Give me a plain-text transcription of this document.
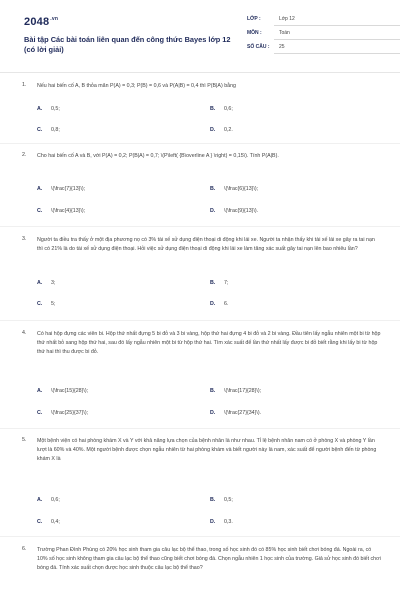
$2048^{.vn}$
Bài tập Các bài toán liên quan đến công thức Bayes lớp 12
(có lời giải)
LỚP :	Lớp 12
MÔN :	Toán
SỐ CÂU : 25
1. Nếu hai biến cố A, B thỏa mãn P(A) = 0,3; P(B) = 0,6 và P(A|B) = 0,4 thì P(B|A) bằng
A. 0,5;	B. 0,6;
C. 0,8;	D. 0,2.
2. Cho hai biến cố A và B, với P(A) = 0,2; P(B|A) = 0,7; \(P\left( {B\overline A } \right) = 0,15\). Tính P(A|B).
A. \(\frac{7}{13}\);	B. \(\frac{6}{13}\);
C. \(\frac{4}{13}\);	D. \(\frac{9}{13}\).
3. Người ta điều tra thấy ở một địa phương nọ có 3% tài xế sử dụng điện thoại di động khi lái xe. Người ta nhận thấy khi tài xế lái xe gây ra tai nạn thì có 21% là do tài xế sử dụng điện thoại. Hỏi việc sử dụng điện thoại di động khi lái xe làm tăng xác suất gây tai nạn lên bao nhiêu lần?
A. 3;	B. 7;
C. 5;	D. 6.
4. Có hai hộp đựng các viên bi. Hộp thứ nhất đựng 5 bi đỏ và 3 bi vàng, hộp thứ hai đựng 4 bi đỏ và 2 bi vàng. Đầu tiên lấy ngẫu nhiên một bi từ hộp thứ nhất bỏ sang hộp thứ hai, sau đó lấy ngẫu nhiên một bi từ hộp thứ hai. Tìm xác suất để lần thứ nhất lấy được bi đỏ biết rằng khi lấy bi từ hộp thứ hai thì thu được bi đỏ.
A. \(\frac{15}{28}\);	B. \(\frac{17}{28}\);
C. \(\frac{25}{37}\);	D. \(\frac{27}{34}\).
5. Một bệnh viện có hai phòng khám X và Y với khả năng lựa chọn của bệnh nhân là như nhau. Tỉ lệ bệnh nhân nam có ở phòng X và phòng Y lần lượt là 60% và 40%. Một người bệnh được chọn ngẫu nhiên từ hai phòng khám và biết người này là nam, xác suất để người bệnh đến từ phòng khám X là
A. 0,6;	B. 0,5;
C. 0,4;	D. 0,3.
6. Trường Phan Đình Phùng có 20% học sinh tham gia câu lạc bộ thể thao, trong số học sinh đó có 85% học sinh biết chơi bóng đá. Ngoài ra, có 10% số học sinh không tham gia câu lạc bộ thể thao cũng biết chơi bóng đá. Chọn ngẫu nhiên 1 học sinh của trường. Giả sử học sinh đó biết chơi bóng đá. Tính xác suất chọn được học sinh thuộc câu lạc bộ thể thao?
